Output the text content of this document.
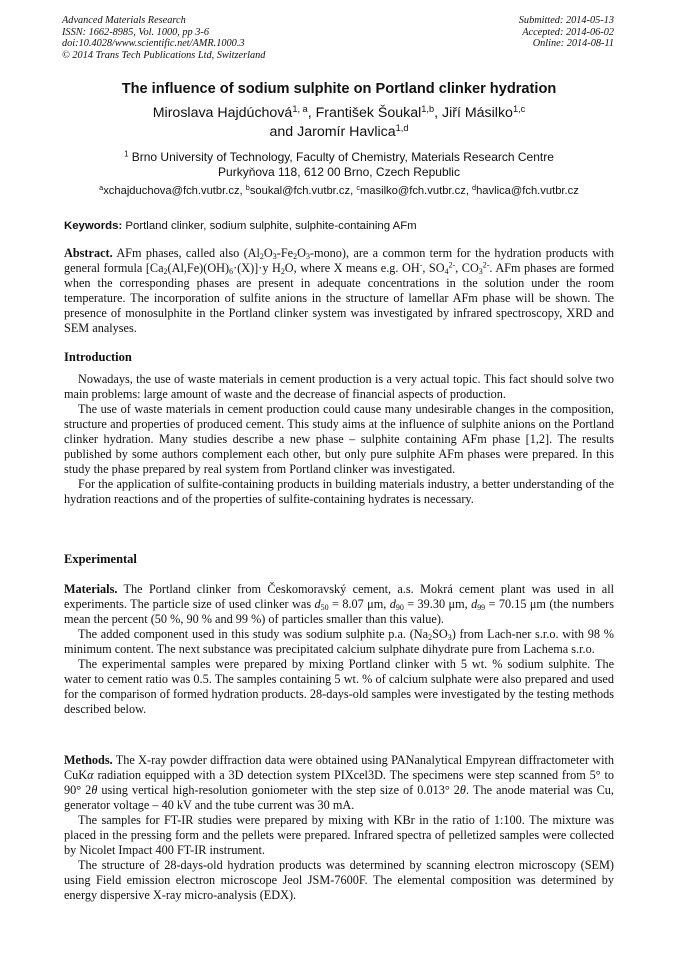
Advanced Materials Research
ISSN: 1662-8985, Vol. 1000, pp 3-6
doi:10.4028/www.scientific.net/AMR.1000.3
© 2014 Trans Tech Publications Ltd, Switzerland
Submitted: 2014-05-13
Accepted: 2014-06-02
Online: 2014-08-11
The influence of sodium sulphite on Portland clinker hydration
Miroslava Hajdúchová$^{1, a}$, František Šoukal$^{1,b}$, Jiří Másilko$^{1,c}$
and Jaromír Havlica$^{1,d}$
$^1$ Brno University of Technology, Faculty of Chemistry, Materials Research Centre
Purkyňova 118, 612 00 Brno, Czech Republic
$^a$xchajduchova@fch.vutbr.cz, $^b$soukal@fch.vutbr.cz, $^c$masilko@fch.vutbr.cz, $^d$havlica@fch.vutbr.cz
Keywords: Portland clinker, sodium sulphite, sulphite-containing AFm

Abstract. AFm phases, called also $(Al_2O_3-Fe_2O_3-mono)$, are a common term for the hydration products with general formula $[Ca_2(Al,Fe)(OH)_6\cdot(X)]\cdot y$ $H_2O$, where X means e.g. OH-, $SO_4^{2-}$, $CO_3^{2-}$. AFm phases are formed when the corresponding phases are present in adequate concentrations in the solution under the room temperature. The incorporation of sulfite anions in the structure of lamellar AFm phase will be shown. The presence of monosulphite in the Portland clinker system was investigated by infrared spectroscopy, XRD and SEM analyses.

Introduction

Nowadays, the use of waste materials in cement production is a very actual topic. This fact should solve two main problems: large amount of waste and the decrease of financial aspects of production.

The use of waste materials in cement production could cause many undesirable changes in the composition, structure and properties of produced cement. This study aims at the influence of sulphite anions on the Portland clinker hydration. Many studies describe a new phase – sulphite containing AFm phase [1,2]. The results published by some authors complement each other, but only pure sulphite AFm phases were prepared. In this study the phase prepared by real system from Portland clinker was investigated.

For the application of sulfite-containing products in building materials industry, a better understanding of the hydration reactions and of the properties of sulfite-containing hydrates is necessary.

Experimental

Materials. The Portland clinker from Českomoravský cement, a.s. Mokrá cement plant was used in all experiments. The particle size of used clinker was $d_{50} = 8.07$ μm, $d_{90} = 39.30$ μm, $d_{99} = 70.15$ μm (the numbers mean the percent (50 %, 90 % and 99 %) of particles smaller than this value).

The added component used in this study was sodium sulphite p.a. $(Na_2SO_3)$ from Lach-ner s.r.o. with 98 % minimum content. The next substance was precipitated calcium sulphate dihydrate pure from Lachema s.r.o.

The experimental samples were prepared by mixing Portland clinker with 5 wt. % sodium sulphite. The water to cement ratio was 0.5. The samples containing 5 wt. % of calcium sulphate were also prepared and used for the comparison of formed hydration products. 28-days-old samples were investigated by the testing methods described below.

Methods. The X-ray powder diffraction data were obtained using PANanalytical Empyrean diffractometer with CuKα radiation equipped with a 3D detection system PIXcel3D. The specimens were step scanned from 5° to 90° 2θ using vertical high-resolution goniometer with the step size of 0.013° 2θ. The anode material was Cu, generator voltage – 40 kV and the tube current was 30 mA.

The samples for FT-IR studies were prepared by mixing with KBr in the ratio of 1:100. The mixture was placed in the pressing form and the pellets were prepared. Infrared spectra of pelletized samples were collected by Nicolet Impact 400 FT-IR instrument.

The structure of 28-days-old hydration products was determined by scanning electron microscopy (SEM) using Field emission electron microscope Jeol JSM-7600F. The elemental composition was determined by energy dispersive X-ray micro-analysis (EDX).
